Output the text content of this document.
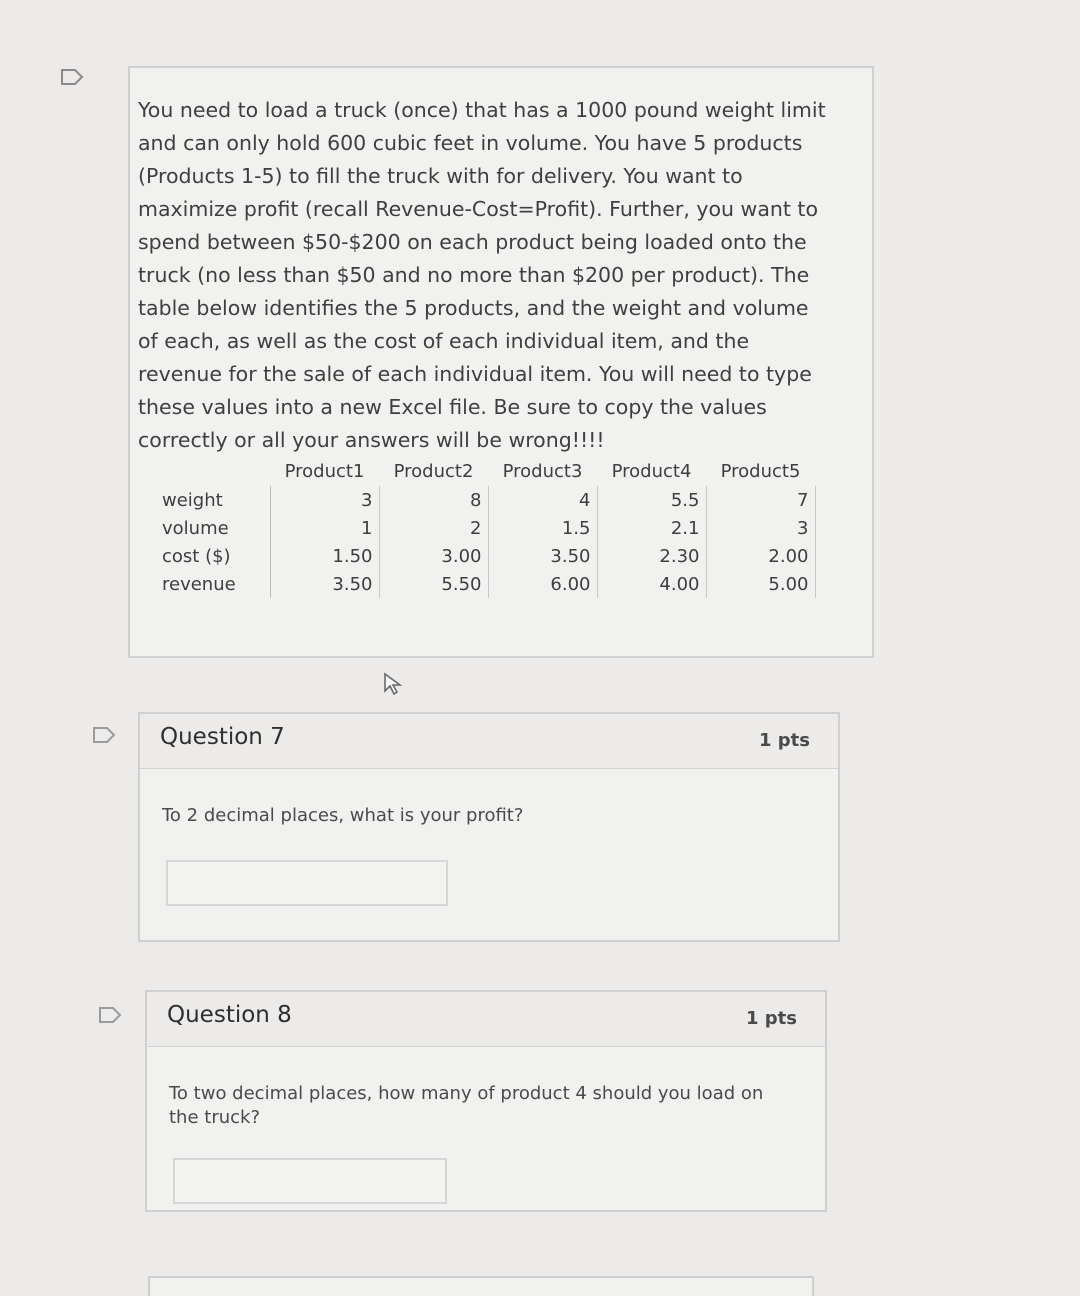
You need to load a truck (once) that has a 1000 pound weight limit and can only hold 600 cubic feet in volume. You have 5 products (Products 1-5) to fill the truck with for delivery. You want to maximize profit (recall Revenue-Cost=Profit). Further, you want to spend between $50-$200 on each product being loaded onto the truck (no less than $50 and no more than $200 per product). The table below identifies the 5 products, and the weight and volume of each, as well as the cost of each individual item, and the revenue for the sale of each individual item. You will need to type these values into a new Excel file. Be sure to copy the values correctly or all your answers will be wrong!!!!
	Product1	Product2	Product3	Product4	Product5
weight	3	8	4	5.5	7
volume	1	2	1.5	2.1	3
cost ($)	1.50	3.00	3.50	2.30	2.00
revenue	3.50	5.50	6.00	4.00	5.00
Question 7	1 pts
To 2 decimal places, what is your profit?
Question 8	1 pts
To two decimal places, how many of product 4 should you load on the truck?
